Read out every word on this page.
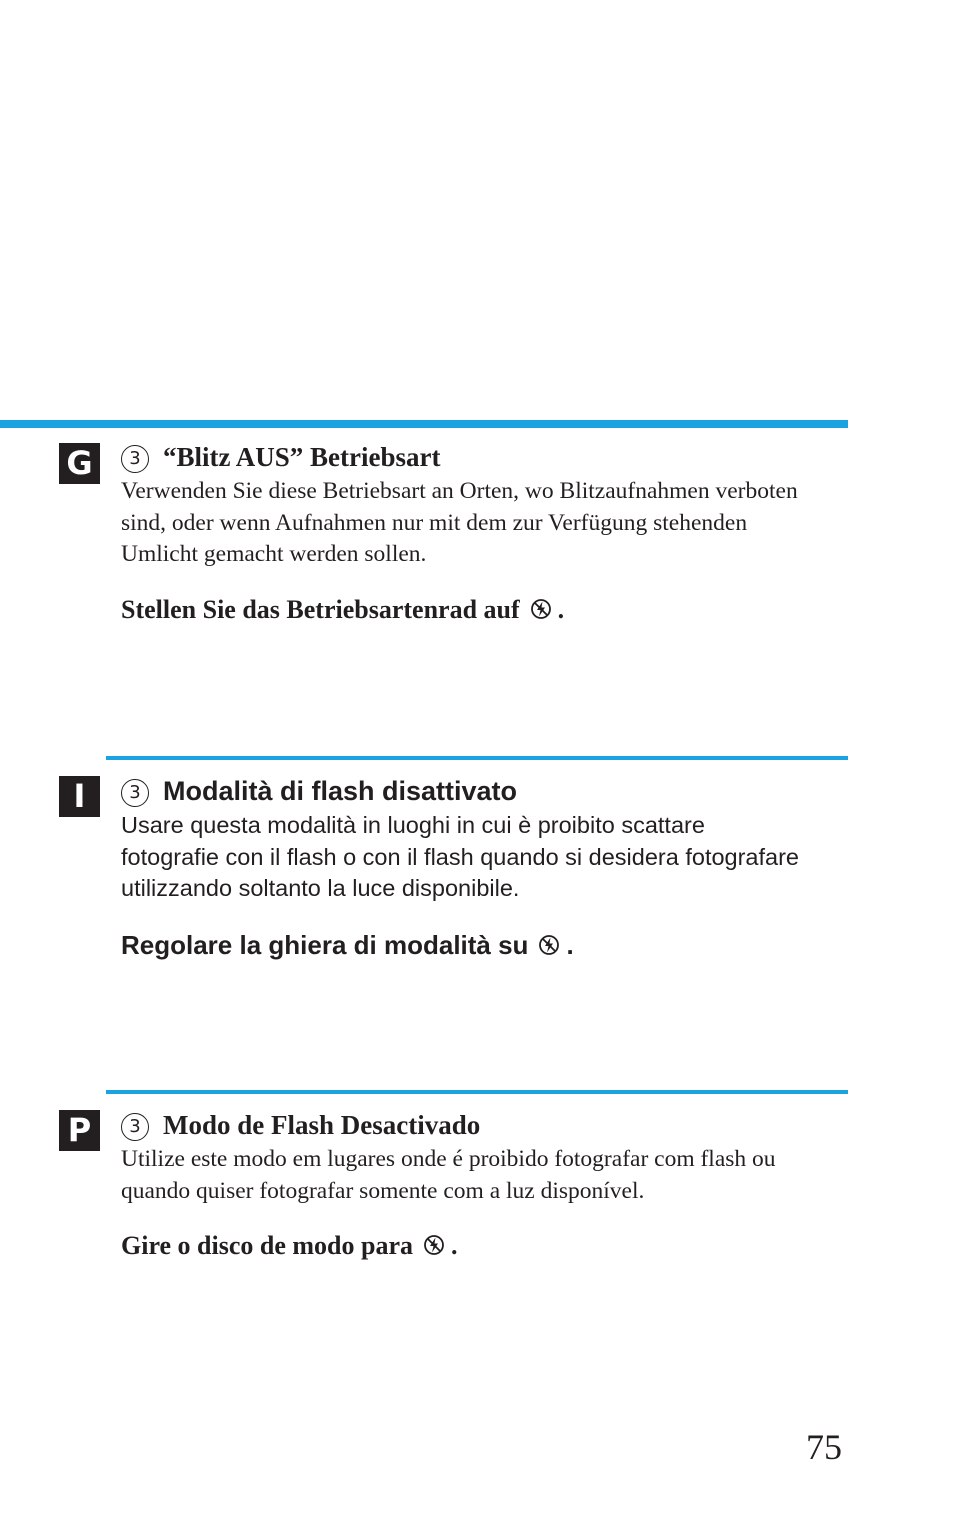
G	3 “Blitz AUS” Betriebsart

Verwenden Sie diese Betriebsart an Orten, wo Blitzaufnahmen verboten sind, oder wenn Aufnahmen nur mit dem zur Verfügung stehenden Umlicht gemacht werden sollen.

Stellen Sie das Betriebsartenrad auf .

I	3 Modalità di flash disattivato

Usare questa modalità in luoghi in cui è proibito scattare fotografie con il flash o con il flash quando si desidera fotografare utilizzando soltanto la luce disponibile.

Regolare la ghiera di modalità su .

P	3 Modo de Flash Desactivado

Utilize este modo em lugares onde é proibido fotografar com flash ou quando quiser fotografar somente com a luz disponível.

Gire o disco de modo para .

75
